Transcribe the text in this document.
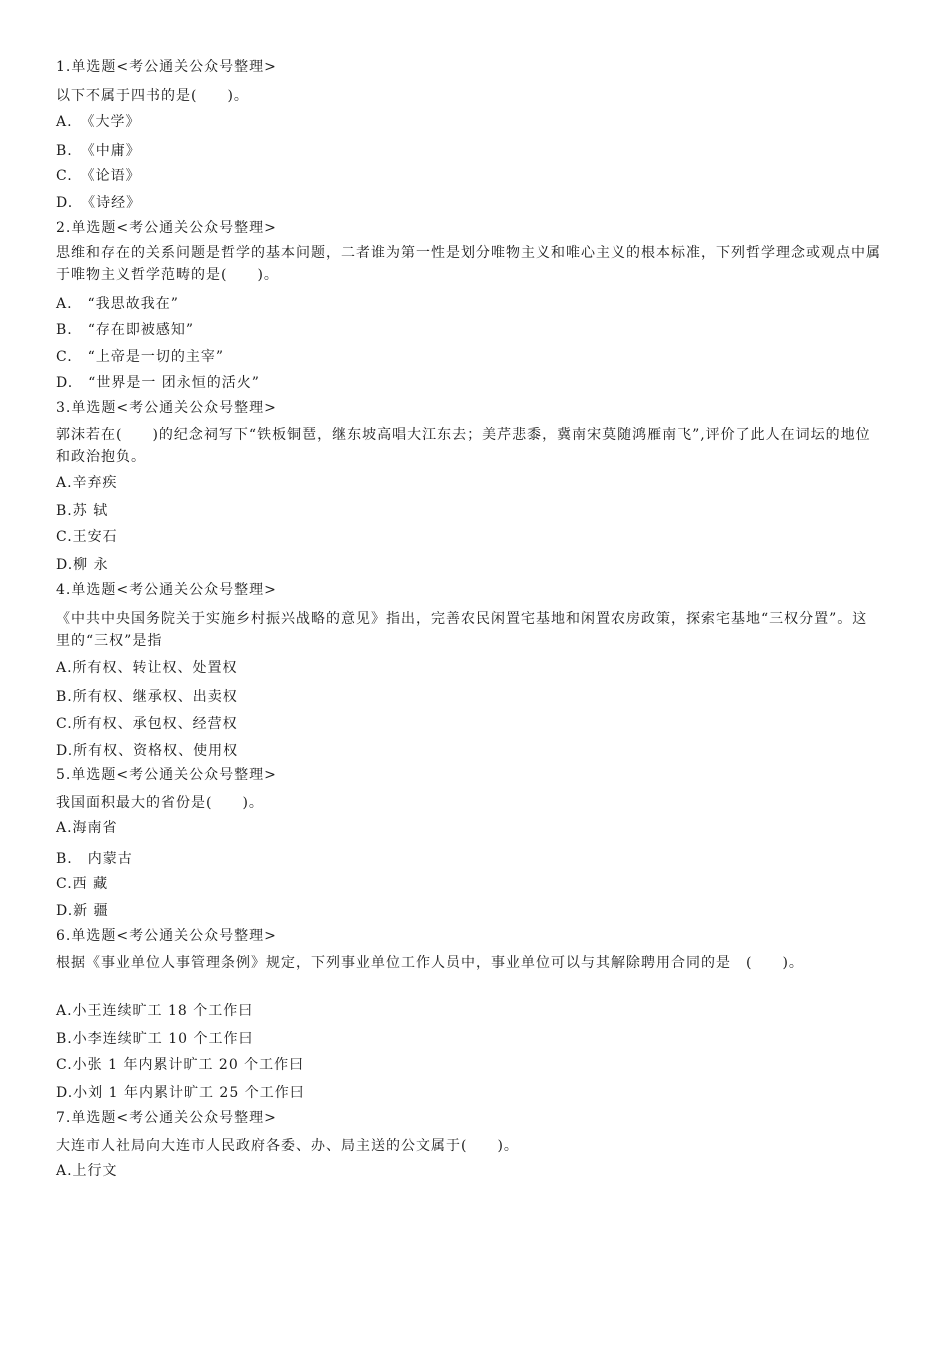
1.单选题<考公通关公众号整理>
以下不属于四书的是(　　)。
A.　《大学》
B.　《中庸》
C.　《论语》
D.　《诗经》
2.单选题<考公通关公众号整理>
思维和存在的关系问题是哲学的基本问题，二者谁为第一性是划分唯物主义和唯心主义的根本标准，下列哲学理念或观点中属于唯物主义哲学范畴的是(　　)。
A.　“我思故我在”
B.　“存在即被感知”
C.　“上帝是一切的主宰”
D.　“世界是一 团永恒的活火”
3.单选题<考公通关公众号整理>
郭沫若在(　　)的纪念祠写下“铁板铜琶，继东坡高唱大江东去；美芹悲黍，冀南宋莫随鸿雁南飞”,评价了此人在词坛的地位和政治抱负。
A.辛弃疾
B.苏 轼
C.王安石
D.柳 永
4.单选题<考公通关公众号整理>
《中共中央国务院关于实施乡村振兴战略的意见》指出，完善农民闲置宅基地和闲置农房政策，探索宅基地“三权分置”。这里的“三权”是指
A.所有权、转让权、处置权
B.所有权、继承权、出卖权
C.所有权、承包权、经营权
D.所有权、资格权、使用权
5.单选题<考公通关公众号整理>
我国面积最大的省份是(　　)。
A.海南省
B.　内蒙古
C.西 藏
D.新 疆
6.单选题<考公通关公众号整理>
根据《事业单位人事管理条例》规定，下列事业单位工作人员中，事业单位可以与其解除聘用合同的是　(　　)。
A.小王连续旷工 18 个工作曰
B.小李连续旷工 10 个工作曰
C.小张 1 年内累计旷工 20 个工作曰
D.小刘 1 年内累计旷工 25 个工作曰
7.单选题<考公通关公众号整理>
大连市人社局向大连市人民政府各委、办、局主送的公文属于(　　)。
A.上行文
